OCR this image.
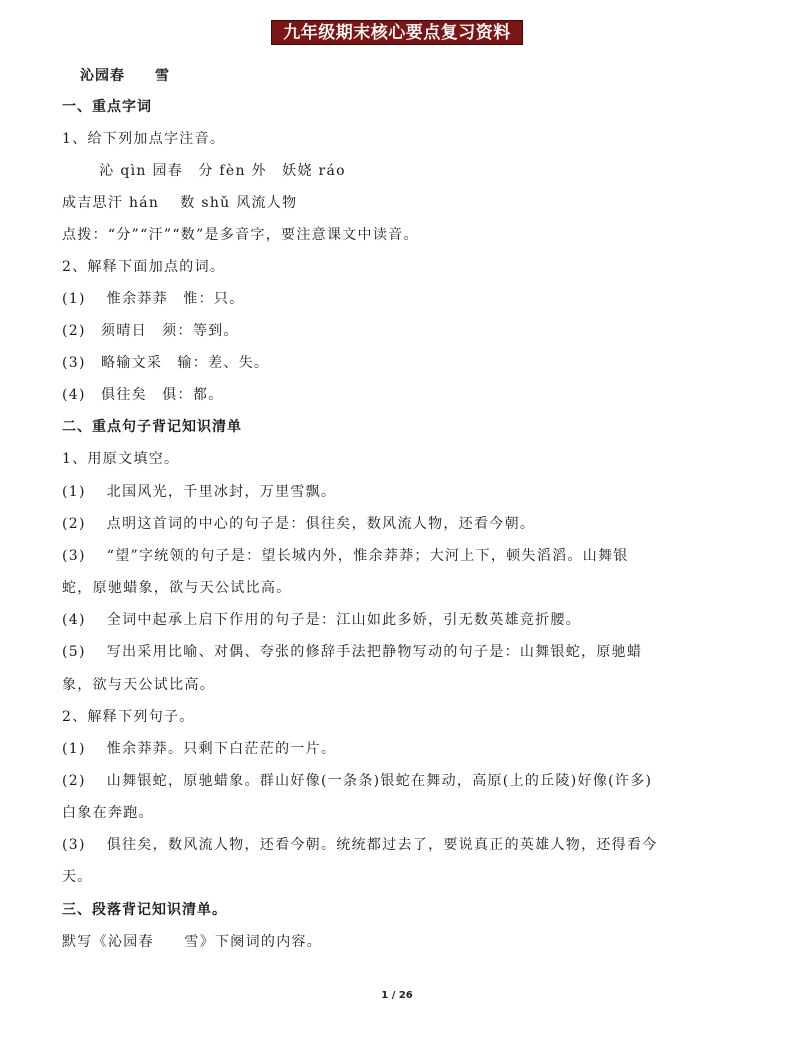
九年级期末核心要点复习资料
沁园春　　雪
一、重点字词
1、给下列加点字注音。
　沁 qìn 园春　分 fèn 外　妖娆 ráo
成吉思汗 hán　 数 shǔ 风流人物
点拨：“分”“汗”“数”是多音字，要注意课文中读音。
2、解释下面加点的词。
(1)　 惟余莽莽　惟：只。
(2)　须晴日　须：等到。
(3)　略输文采　输：差、失。
(4)　俱往矣　俱：都。
二、重点句子背记知识清单
1、用原文填空。
(1)　 北国风光，千里冰封，万里雪飘。
(2)　 点明这首词的中心的句子是：俱往矣，数风流人物，还看今朝。
(3)　 “望”字统领的句子是：望长城内外，惟余莽莽；大河上下，顿失滔滔。山舞银
蛇，原驰蜡象，欲与天公试比高。
(4)　 全词中起承上启下作用的句子是：江山如此多娇，引无数英雄竞折腰。
(5)　 写出采用比喻、对偶、夸张的修辞手法把静物写动的句子是：山舞银蛇，原驰蜡
象，欲与天公试比高。
2、解释下列句子。
(1)　 惟余莽莽。只剩下白茫茫的一片。
(2)　 山舞银蛇，原驰蜡象。群山好像(一条条)银蛇在舞动，高原(上的丘陵)好像(许多)
白象在奔跑。
(3)　 俱往矣，数风流人物，还看今朝。统统都过去了，要说真正的英雄人物，还得看今
天。
三、段落背记知识清单。
默写《沁园春　　雪》下阕词的内容。
1 / 26
